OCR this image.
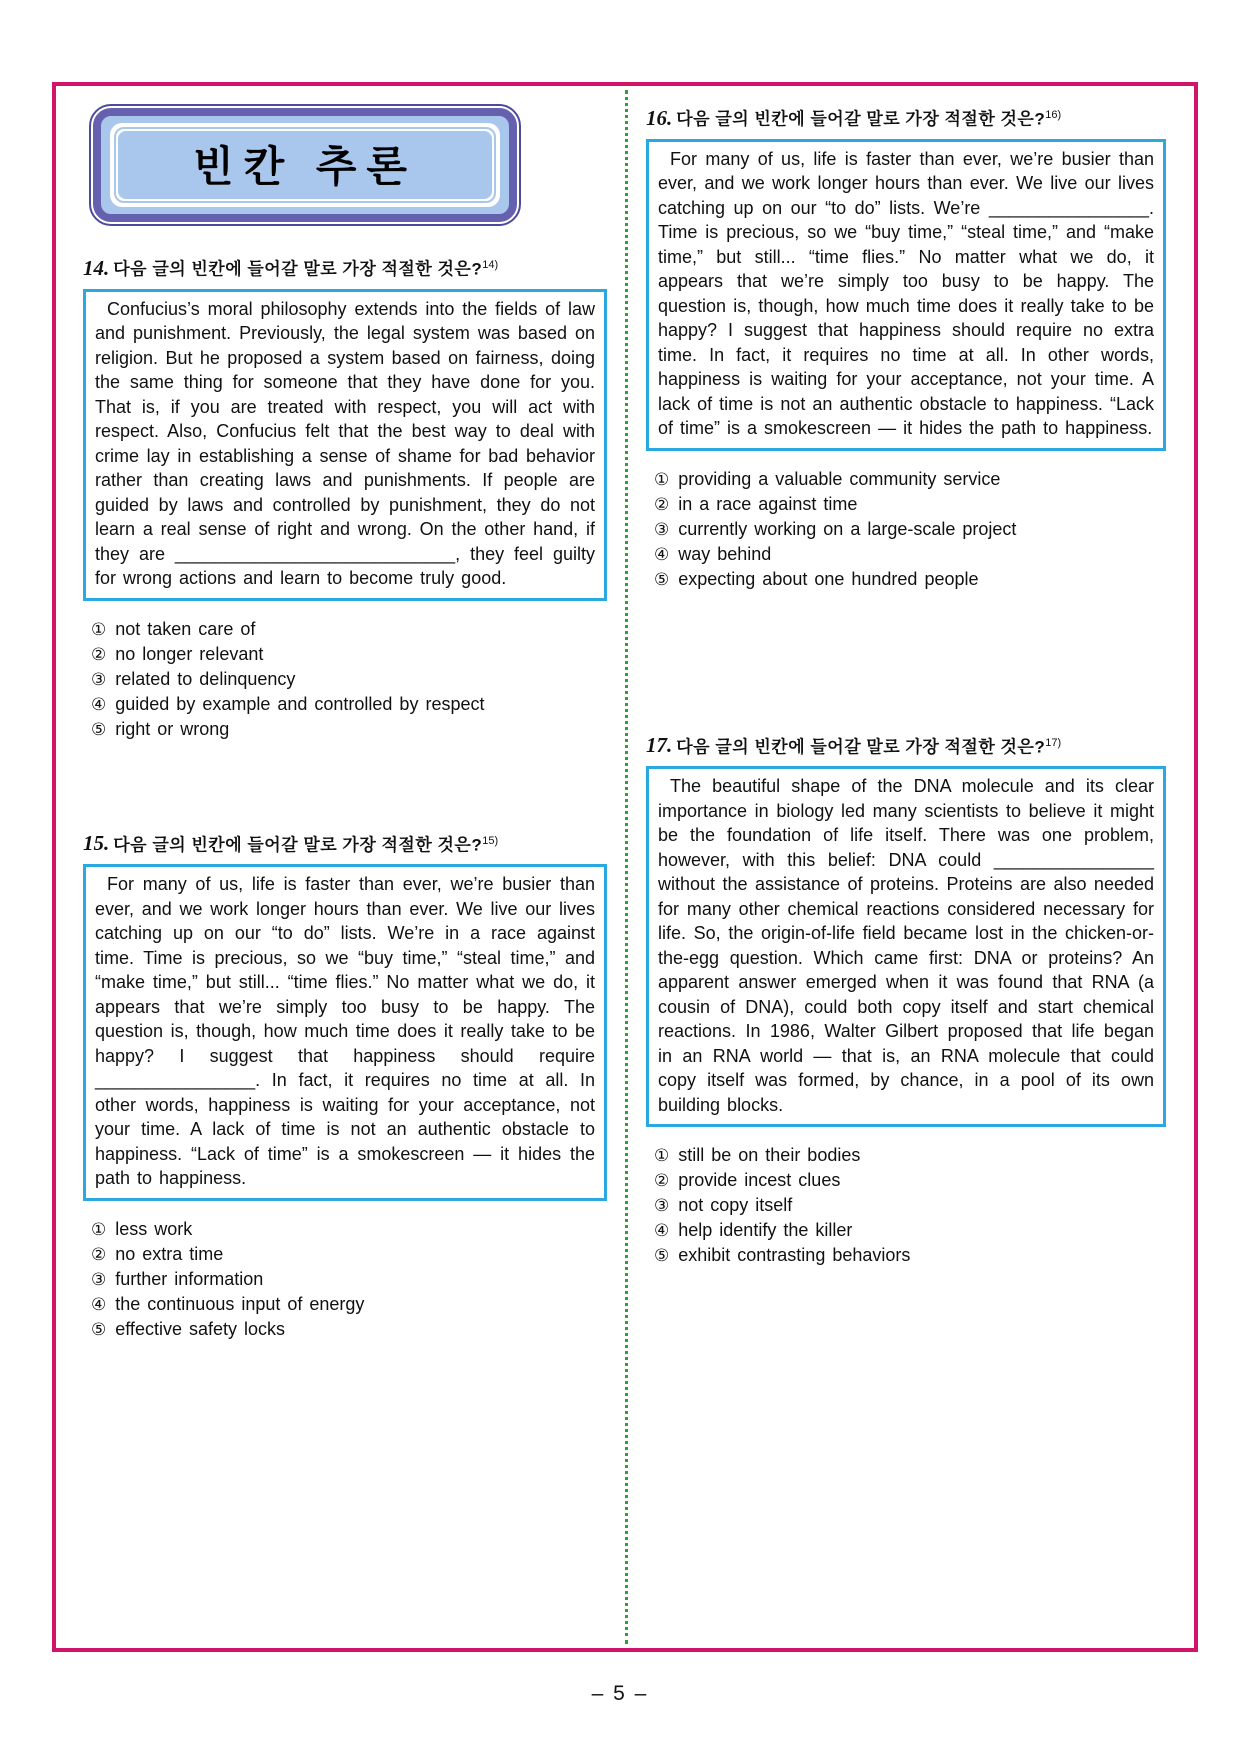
빈칸 추론
14. 다음 글의 빈칸에 들어갈 말로 가장 적절한 것은?$^{14)}$

Confucius’s moral philosophy extends into the fields of law and punishment. Previously, the legal system was based on religion. But he proposed a system based on fairness, doing the same thing for someone that they have done for you. That is, if you are treated with respect, you will act with respect. Also, Confucius felt that the best way to deal with crime lay in establishing a sense of shame for bad behavior rather than creating laws and punishments. If people are guided by laws and controlled by punishment, they do not learn a real sense of right and wrong. On the other hand, if they are ____________________________, they feel guilty for wrong actions and learn to become truly good.

① not taken care of
② no longer relevant
③ related to delinquency
④ guided by example and controlled by respect
⑤ right or wrong
15. 다음 글의 빈칸에 들어갈 말로 가장 적절한 것은?$^{15)}$

For many of us, life is faster than ever, we’re busier than ever, and we work longer hours than ever. We live our lives catching up on our “to do” lists. We’re in a race against time. Time is precious, so we “buy time,” “steal time,” and “make time,” but still... “time flies.” No matter what we do, it appears that we’re simply too busy to be happy. The question is, though, how much time does it really take to be happy? I suggest that happiness should require ________________. In fact, it requires no time at all. In other words, happiness is waiting for your acceptance, not your time. A lack of time is not an authentic obstacle to happiness. “Lack of time” is a smokescreen — it hides the path to happiness.

① less work
② no extra time
③ further information
④ the continuous input of energy
⑤ effective safety locks
16. 다음 글의 빈칸에 들어갈 말로 가장 적절한 것은?$^{16)}$

For many of us, life is faster than ever, we’re busier than ever, and we work longer hours than ever. We live our lives catching up on our “to do” lists. We’re ________________. Time is precious, so we “buy time,” “steal time,” and “make time,” but still... “time flies.” No matter what we do, it appears that we’re simply too busy to be happy. The question is, though, how much time does it really take to be happy? I suggest that happiness should require no extra time. In fact, it requires no time at all. In other words, happiness is waiting for your acceptance, not your time. A lack of time is not an authentic obstacle to happiness. “Lack of time” is a smokescreen — it hides the path to happiness.

① providing a valuable community service
② in a race against time
③ currently working on a large-scale project
④ way behind
⑤ expecting about one hundred people
17. 다음 글의 빈칸에 들어갈 말로 가장 적절한 것은?$^{17)}$

The beautiful shape of the DNA molecule and its clear importance in biology led many scientists to believe it might be the foundation of life itself. There was one problem, however, with this belief: DNA could ________________ without the assistance of proteins. Proteins are also needed for many other chemical reactions considered necessary for life. So, the origin-of-life field became lost in the chicken-or-the-egg question. Which came first: DNA or proteins? An apparent answer emerged when it was found that RNA (a cousin of DNA), could both copy itself and start chemical reactions. In 1986, Walter Gilbert proposed that life began in an RNA world — that is, an RNA molecule that could copy itself was formed, by chance, in a pool of its own building blocks.

① still be on their bodies
② provide incest clues
③ not copy itself
④ help identify the killer
⑤ exhibit contrasting behaviors
– 5 –
